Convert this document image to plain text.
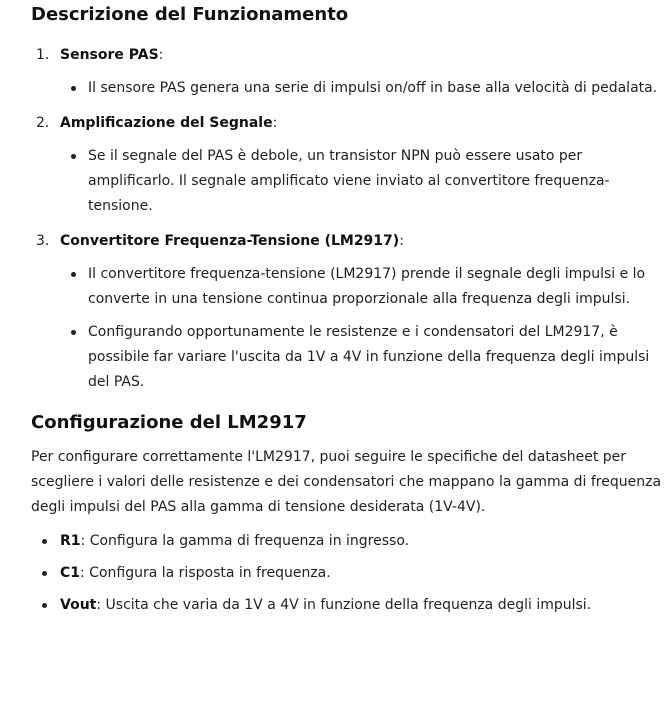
Descrizione del Funzionamento
1. Sensore PAS:
Il sensore PAS genera una serie di impulsi on/off in base alla velocità di pedalata.
2. Amplificazione del Segnale:
Se il segnale del PAS è debole, un transistor NPN può essere usato per amplificarlo. Il segnale amplificato viene inviato al convertitore frequenza-tensione.
3. Convertitore Frequenza-Tensione (LM2917):
Il convertitore frequenza-tensione (LM2917) prende il segnale degli impulsi e lo converte in una tensione continua proporzionale alla frequenza degli impulsi.
Configurando opportunamente le resistenze e i condensatori del LM2917, è possibile far variare l'uscita da 1V a 4V in funzione della frequenza degli impulsi del PAS.
Configurazione del LM2917

Per configurare correttamente l'LM2917, puoi seguire le specifiche del datasheet per scegliere i valori delle resistenze e dei condensatori che mappano la gamma di frequenza degli impulsi del PAS alla gamma di tensione desiderata (1V-4V).

R1: Configura la gamma di frequenza in ingresso.
C1: Configura la risposta in frequenza.
Vout: Uscita che varia da 1V a 4V in funzione della frequenza degli impulsi.
